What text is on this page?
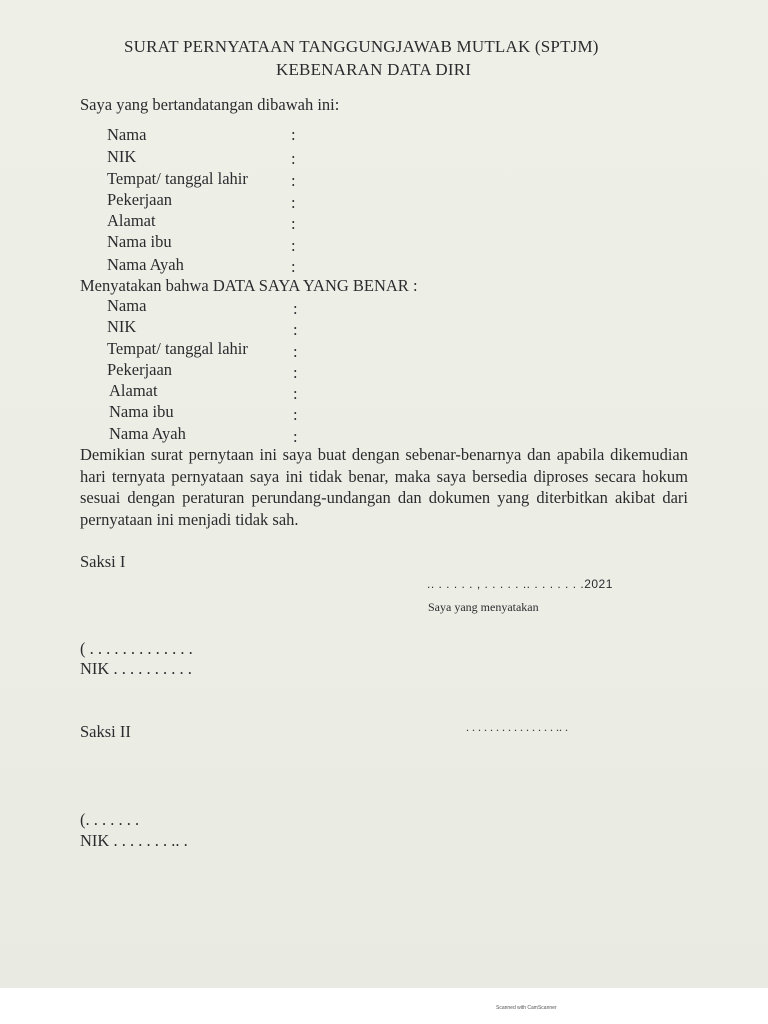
SURAT PERNYATAAN TANGGUNGJAWAB MUTLAK (SPTJM)
KEBENARAN DATA DIRI
Saya yang bertandatangan dibawah ini:
Nama	:
NIK	:
Tempat/ tanggal lahir	:
Pekerjaan	:
Alamat	:
Nama ibu	:
Nama Ayah	:
Menyatakan bahwa DATA SAYA YANG BENAR :
Nama	:
NIK	:
Tempat/ tanggal lahir	:
Pekerjaan	:
Alamat	:
Nama ibu	:
Nama Ayah	:
Demikian surat pernytaan ini saya buat dengan sebenar-benarnya dan apabila dikemudian hari ternyata pernyataan saya ini tidak benar, maka saya bersedia diproses secara hokum sesuai dengan peraturan perundang-undangan dan dokumen yang diterbitkan akibat dari pernyataan ini menjadi tidak sah.
Saksi I
( . . . . . . . . . . . . .
NIK . . . . . . . . . .
.. . . . . . , . . . . . .. . . . . . . .2021
Saya yang menyatakan
. . . . . . . . . . . . . . . .. .
Saksi II
(. . . . . . .
NIK . . . . . . . .. .
Scanned with CamScanner
